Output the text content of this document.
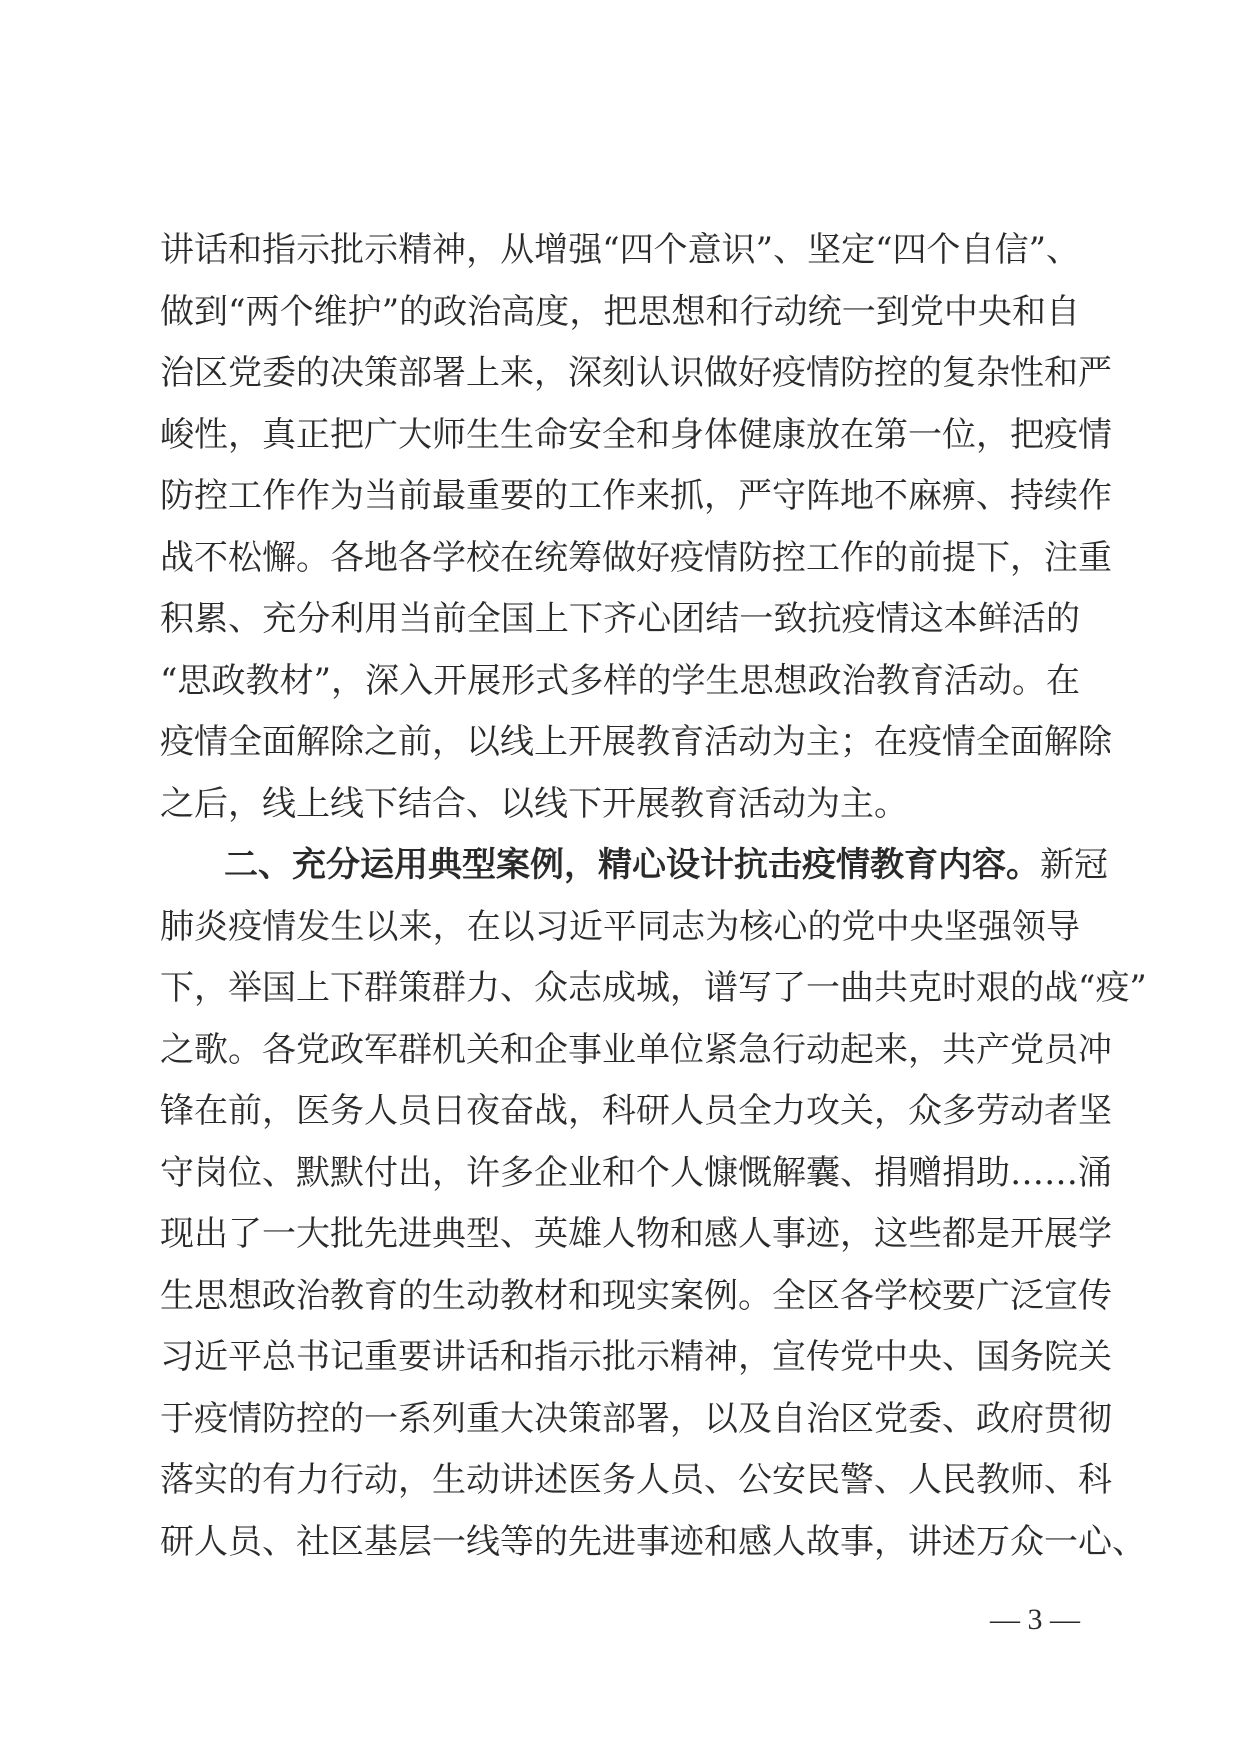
讲话和指示批示精神，从增强“四个意识”、坚定“四个自信”、
做到“两个维护”的政治高度，把思想和行动统一到党中央和自
治区党委的决策部署上来，深刻认识做好疫情防控的复杂性和严
峻性，真正把广大师生生命安全和身体健康放在第一位，把疫情
防控工作作为当前最重要的工作来抓，严守阵地不麻痹、持续作
战不松懈。各地各学校在统筹做好疫情防控工作的前提下，注重
积累、充分利用当前全国上下齐心团结一致抗疫情这本鲜活的
“思政教材”，深入开展形式多样的学生思想政治教育活动。在
疫情全面解除之前，以线上开展教育活动为主；在疫情全面解除
之后，线上线下结合、以线下开展教育活动为主。
二、充分运用典型案例，精心设计抗击疫情教育内容。新冠
肺炎疫情发生以来，在以习近平同志为核心的党中央坚强领导
下，举国上下群策群力、众志成城，谱写了一曲共克时艰的战“疫”
之歌。各党政军群机关和企事业单位紧急行动起来，共产党员冲
锋在前，医务人员日夜奋战，科研人员全力攻关，众多劳动者坚
守岗位、默默付出，许多企业和个人慷慨解囊、捐赠捐助……涌
现出了一大批先进典型、英雄人物和感人事迹，这些都是开展学
生思想政治教育的生动教材和现实案例。全区各学校要广泛宣传
习近平总书记重要讲话和指示批示精神，宣传党中央、国务院关
于疫情防控的一系列重大决策部署，以及自治区党委、政府贯彻
落实的有力行动，生动讲述医务人员、公安民警、人民教师、科
研人员、社区基层一线等的先进事迹和感人故事，讲述万众一心、
— 3 —
